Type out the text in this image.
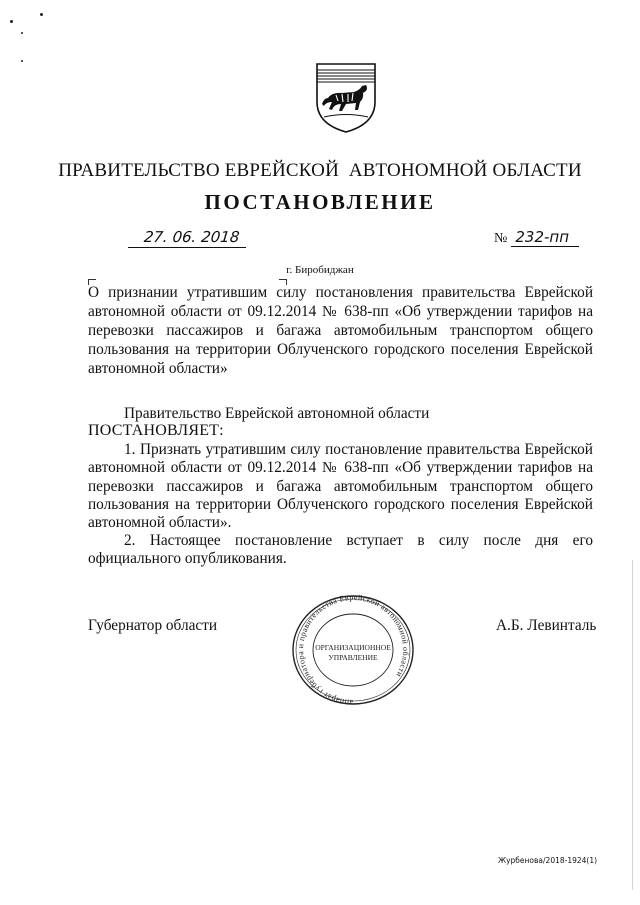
ПРАВИТЕЛЬСТВО ЕВРЕЙСКОЙ  АВТОНОМНОЙ ОБЛАСТИ
ПОСТАНОВЛЕНИЕ
27. 06. 2018	№ 232-пп
г. Биробиджан
О признании утратившим силу постановления правительства Еврейской автономной области от 09.12.2014 № 638-пп «Об утверждении тарифов на перевозки пассажиров и багажа автомобильным транспортом общего пользования на территории Облученского городского поселения Еврейской автономной области»
Правительство Еврейской автономной области
ПОСТАНОВЛЯЕТ:
1. Признать утратившим силу постановление правительства Еврейской автономной области от 09.12.2014 № 638-пп «Об утверждении тарифов на перевозки пассажиров и багажа автомобильным транспортом общего пользования на территории Облученского городского поселения Еврейской автономной области».
2. Настоящее постановление вступает в силу после дня его официального опубликования.
Губернатор области	А.Б. Левинталь
аппарат губернатора и правительства Еврейской автономной области
ОРГАНИЗАЦИОННОЕ
УПРАВЛЕНИЕ
Журбенова/2018-1924(1)
